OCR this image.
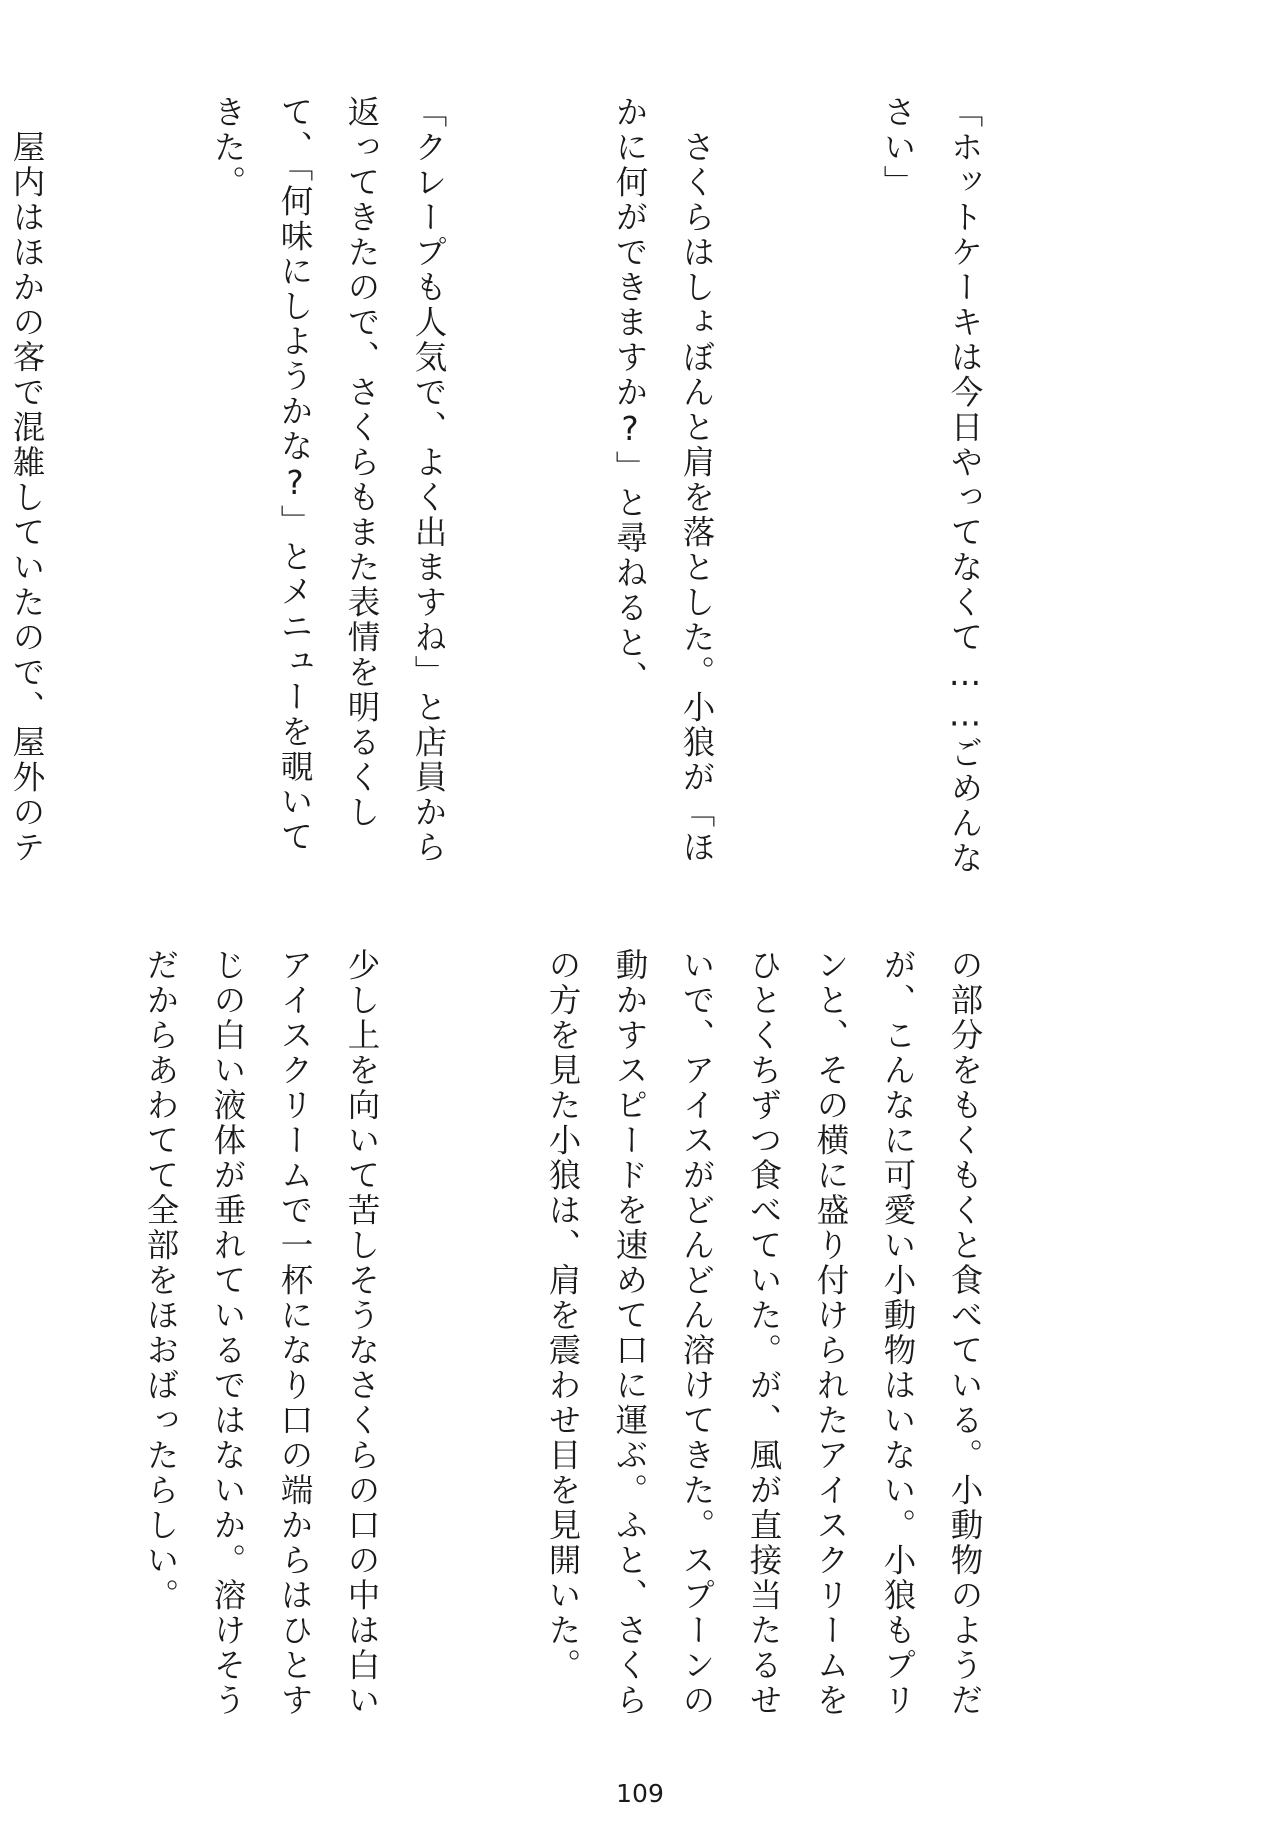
「ホットケーキは今日やってなくて……ごめんなさい」

　さくらはしょぼんと肩を落とした。小狼が「ほかに何ができますか?」と尋ねると、

「クレープも人気で、よく出ますね」と店員から返ってきたので、さくらもまた表情を明るくして、「何味にしようかな?」とメニューを覗いてきた。

　屋内はほかの客で混雑していたので、屋外のテ

の部分をもくもくと食べている。小動物のようだが、こんなに可愛い小動物はいない。小狼もプリンと、その横に盛り付けられたアイスクリームをひとくちずつ食べていた。が、風が直接当たるせいで、アイスがどんどん溶けてきた。スプーンの動かすスピードを速めて口に運ぶ。ふと、さくらの方を見た小狼は、肩を震わせ目を見開いた。

少し上を向いて苦しそうなさくらの口の中は白いアイスクリームで一杯になり口の端からはひとすじの白い液体が垂れているではないか。溶けそうだからあわてて全部をほおばったらしい。

109
